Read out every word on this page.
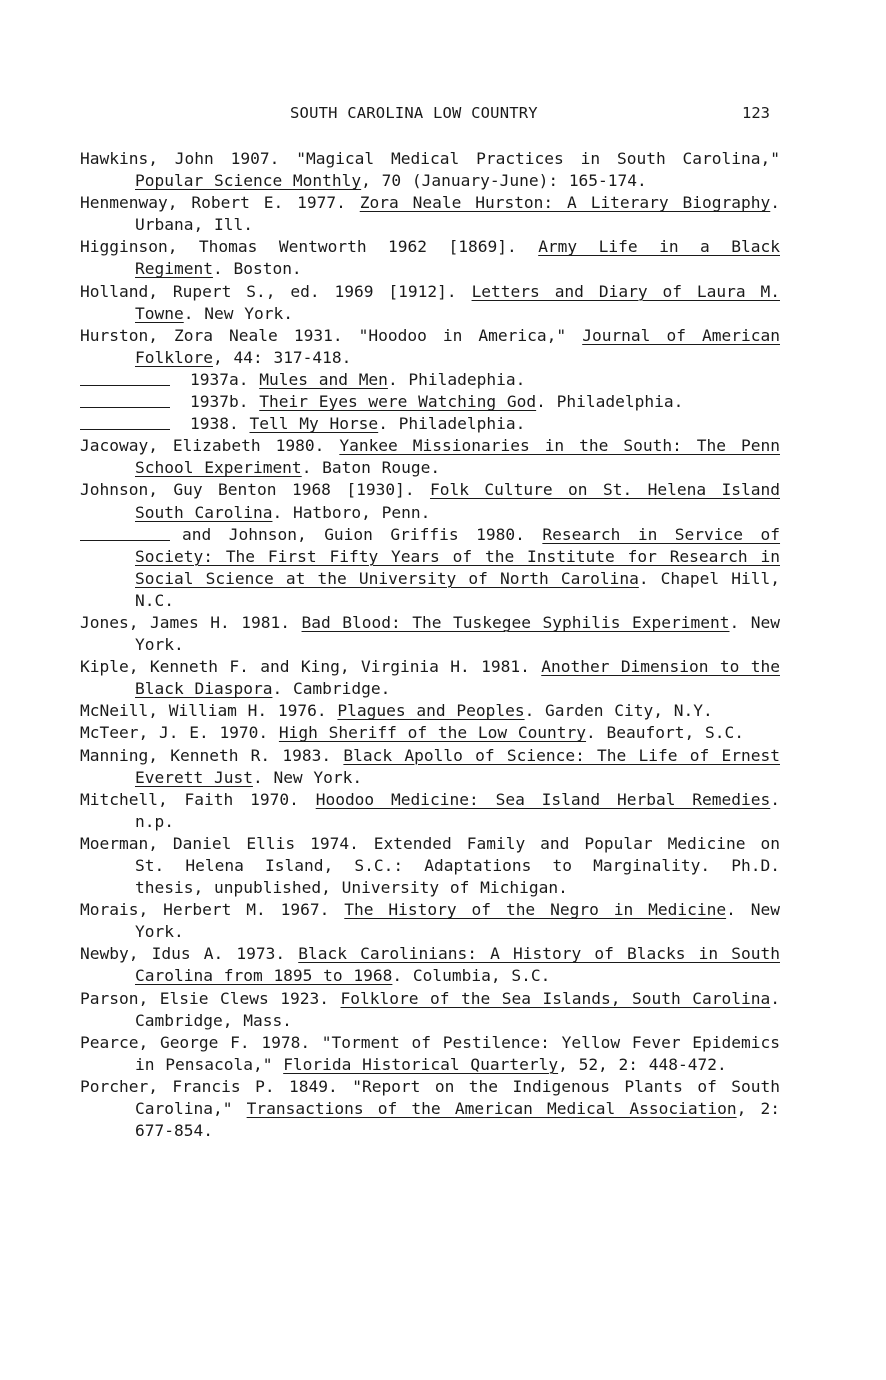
SOUTH CAROLINA LOW COUNTRY	123

Hawkins, John 1907. "Magical Medical Practices in South Carolina," Popular Science Monthly, 70 (January-June): 165-174.

Henmenway, Robert E. 1977. Zora Neale Hurston: A Literary Biography. Urbana, Ill.

Higginson, Thomas Wentworth 1962 [1869]. Army Life in a Black Regiment. Boston.

Holland, Rupert S., ed. 1969 [1912]. Letters and Diary of Laura M. Towne. New York.

Hurston, Zora Neale 1931. "Hoodoo in America," Journal of American Folklore, 44: 317-418.

1937a. Mules and Men. Philadephia.

1937b. Their Eyes were Watching God. Philadelphia.

1938. Tell My Horse. Philadelphia.

Jacoway, Elizabeth 1980. Yankee Missionaries in the South: The Penn School Experiment. Baton Rouge.

Johnson, Guy Benton 1968 [1930]. Folk Culture on St. Helena Island South Carolina. Hatboro, Penn.

and Johnson, Guion Griffis 1980. Research in Service of Society: The First Fifty Years of the Institute for Research in Social Science at the University of North Carolina. Chapel Hill, N.C.

Jones, James H. 1981. Bad Blood: The Tuskegee Syphilis Experiment. New York.

Kiple, Kenneth F. and King, Virginia H. 1981. Another Dimension to the Black Diaspora. Cambridge.

McNeill, William H. 1976. Plagues and Peoples. Garden City, N.Y.

McTeer, J. E. 1970. High Sheriff of the Low Country. Beaufort, S.C.

Manning, Kenneth R. 1983. Black Apollo of Science: The Life of Ernest Everett Just. New York.

Mitchell, Faith 1970. Hoodoo Medicine: Sea Island Herbal Remedies. n.p.

Moerman, Daniel Ellis 1974. Extended Family and Popular Medicine on St. Helena Island, S.C.: Adaptations to Marginality. Ph.D. thesis, unpublished, University of Michigan.

Morais, Herbert M. 1967. The History of the Negro in Medicine. New York.

Newby, Idus A. 1973. Black Carolinians: A History of Blacks in South Carolina from 1895 to 1968. Columbia, S.C.

Parson, Elsie Clews 1923. Folklore of the Sea Islands, South Carolina. Cambridge, Mass.

Pearce, George F. 1978. "Torment of Pestilence: Yellow Fever Epidemics in Pensacola," Florida Historical Quarterly, 52, 2: 448-472.

Porcher, Francis P. 1849. "Report on the Indigenous Plants of South Carolina," Transactions of the American Medical Association, 2: 677-854.
